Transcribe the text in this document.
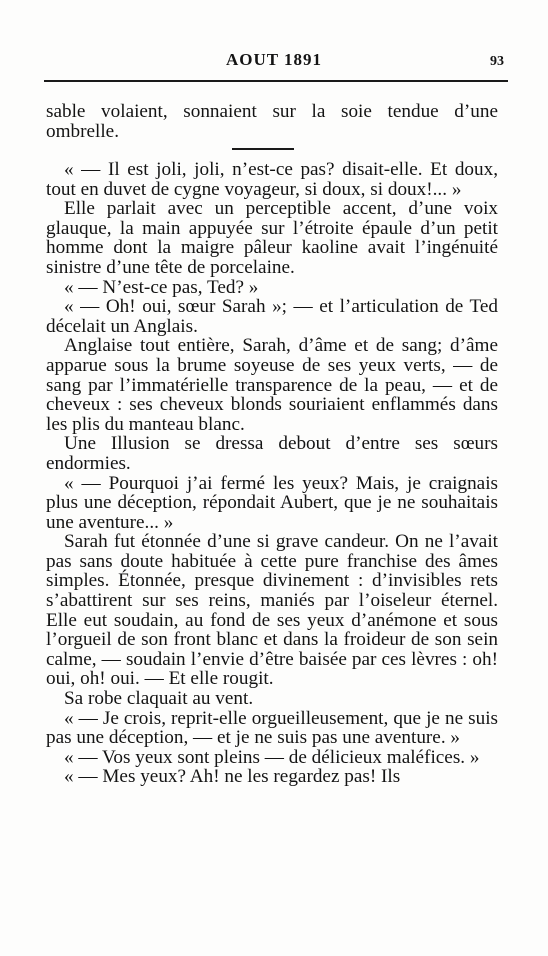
AOUT 1891	93

sable volaient, sonnaient sur la soie tendue d’une ombrelle.

« — Il est joli, joli, n’est-ce pas? disait-elle. Et doux, tout en duvet de cygne voyageur, si doux, si doux!... »

Elle parlait avec un perceptible accent, d’une voix glauque, la main appuyée sur l’étroite épaule d’un petit homme dont la maigre pâleur kaoline avait l’ingénuité sinistre d’une tête de porcelaine.

« — N’est-ce pas, Ted? »

« — Oh! oui, sœur Sarah »; — et l’articulation de Ted décelait un Anglais.

Anglaise tout entière, Sarah, d’âme et de sang; d’âme apparue sous la brume soyeuse de ses yeux verts, — de sang par l’immatérielle transparence de la peau, — et de cheveux : ses cheveux blonds souriaient enflammés dans les plis du manteau blanc.

Une Illusion se dressa debout d’entre ses sœurs endormies.

« — Pourquoi j’ai fermé les yeux? Mais, je craignais plus une déception, répondait Aubert, que je ne souhaitais une aventure... »

Sarah fut étonnée d’une si grave candeur. On ne l’avait pas sans doute habituée à cette pure franchise des âmes simples. Étonnée, presque divinement : d’invisibles rets s’abattirent sur ses reins, maniés par l’oiseleur éternel. Elle eut soudain, au fond de ses yeux d’anémone et sous l’orgueil de son front blanc et dans la froideur de son sein calme, — soudain l’envie d’être baisée par ces lèvres : oh! oui, oh! oui. — Et elle rougit.

Sa robe claquait au vent.

« — Je crois, reprit-elle orgueilleusement, que je ne suis pas une déception, — et je ne suis pas une aventure. »

« — Vos yeux sont pleins — de délicieux maléfices. »

« — Mes yeux? Ah! ne les regardez pas! Ils
